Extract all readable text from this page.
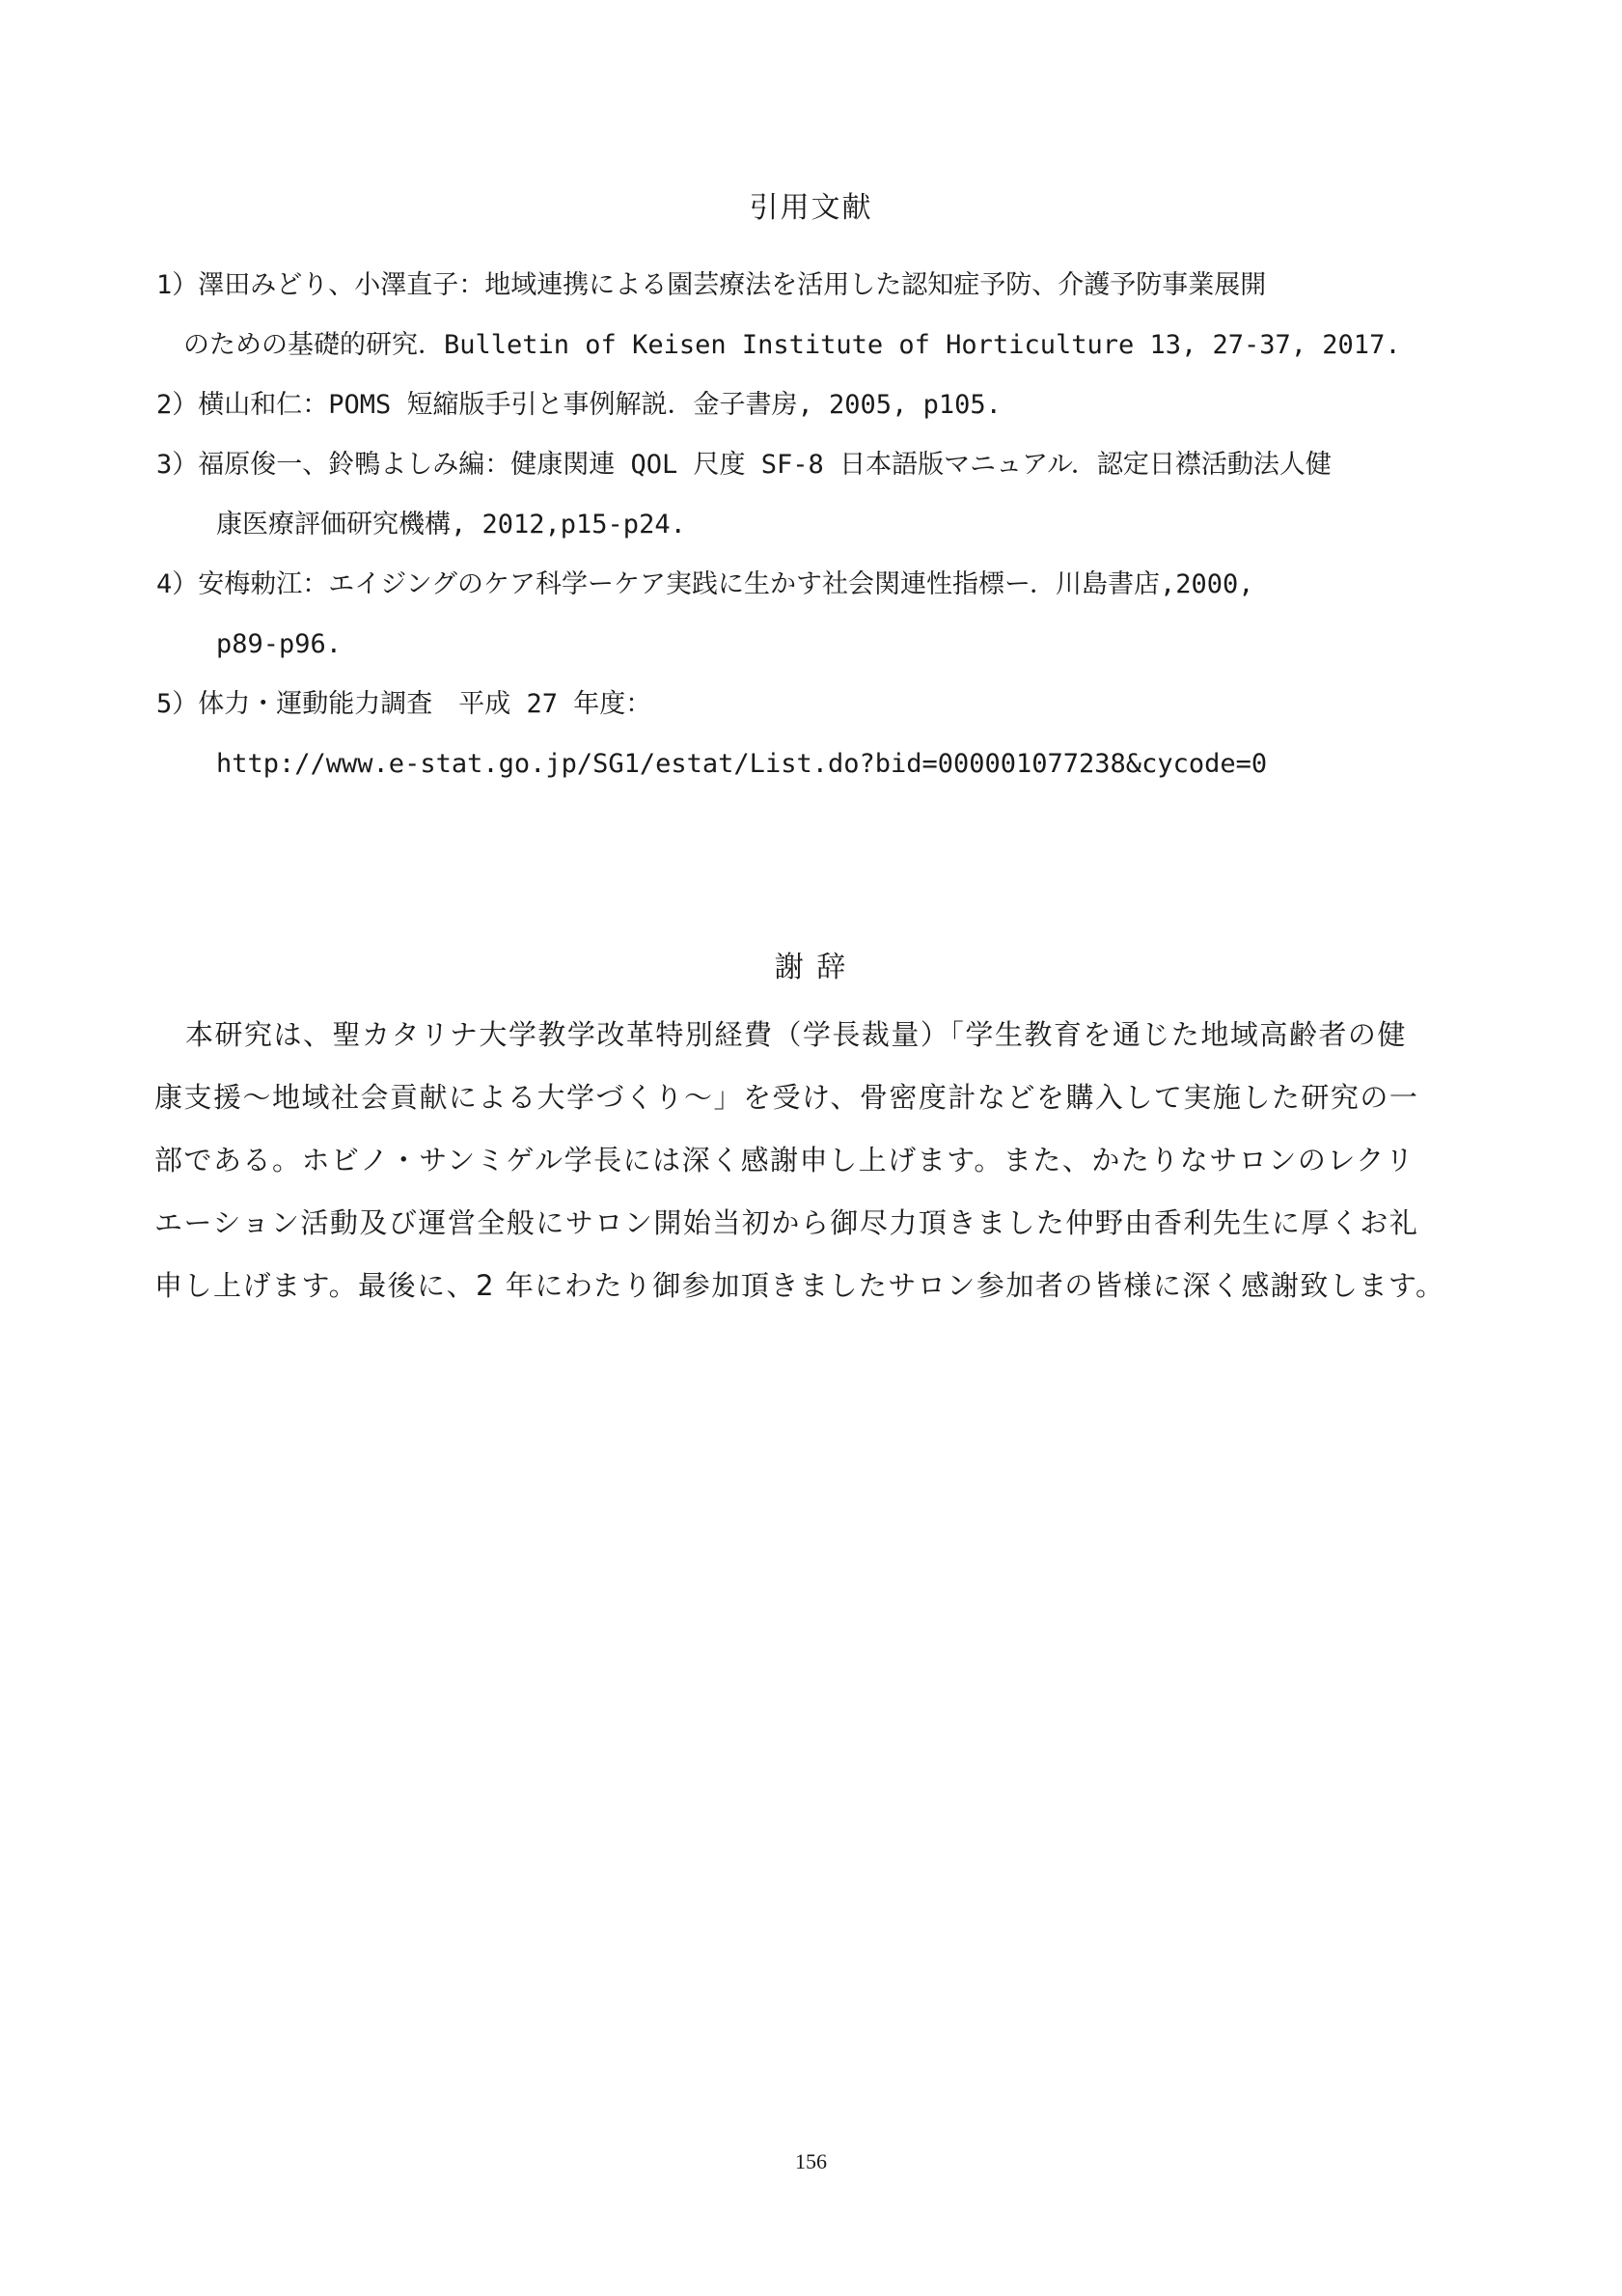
引用文献
1）澤田みどり、小澤直子：地域連携による園芸療法を活用した認知症予防、介護予防事業展開
のための基礎的研究．Bulletin of Keisen Institute of Horticulture 13, 27-37, 2017.
2）横山和仁：POMS 短縮版手引と事例解説．金子書房, 2005, p105.
3）福原俊一、鈴鴨よしみ編：健康関連 QOL 尺度 SF-8 日本語版マニュアル．認定日襟活動法人健
康医療評価研究機構, 2012,p15-p24.
4）安梅勅江：エイジングのケア科学ーケア実践に生かす社会関連性指標ー．川島書店,2000,
p89-p96.
5）体力・運動能力調査　平成 27 年度：
http://www.e-stat.go.jp/SG1/estat/List.do?bid=000001077238&cycode=0
謝 辞
本研究は、聖カタリナ大学教学改革特別経費（学長裁量）「学生教育を通じた地域高齢者の健
康支援～地域社会貢献による大学づくり～」を受け、骨密度計などを購入して実施した研究の一
部である。ホビノ・サンミゲル学長には深く感謝申し上げます。また、かたりなサロンのレクリ
エーション活動及び運営全般にサロン開始当初から御尽力頂きました仲野由香利先生に厚くお礼
申し上げます。最後に、2 年にわたり御参加頂きましたサロン参加者の皆様に深く感謝致します。
156
